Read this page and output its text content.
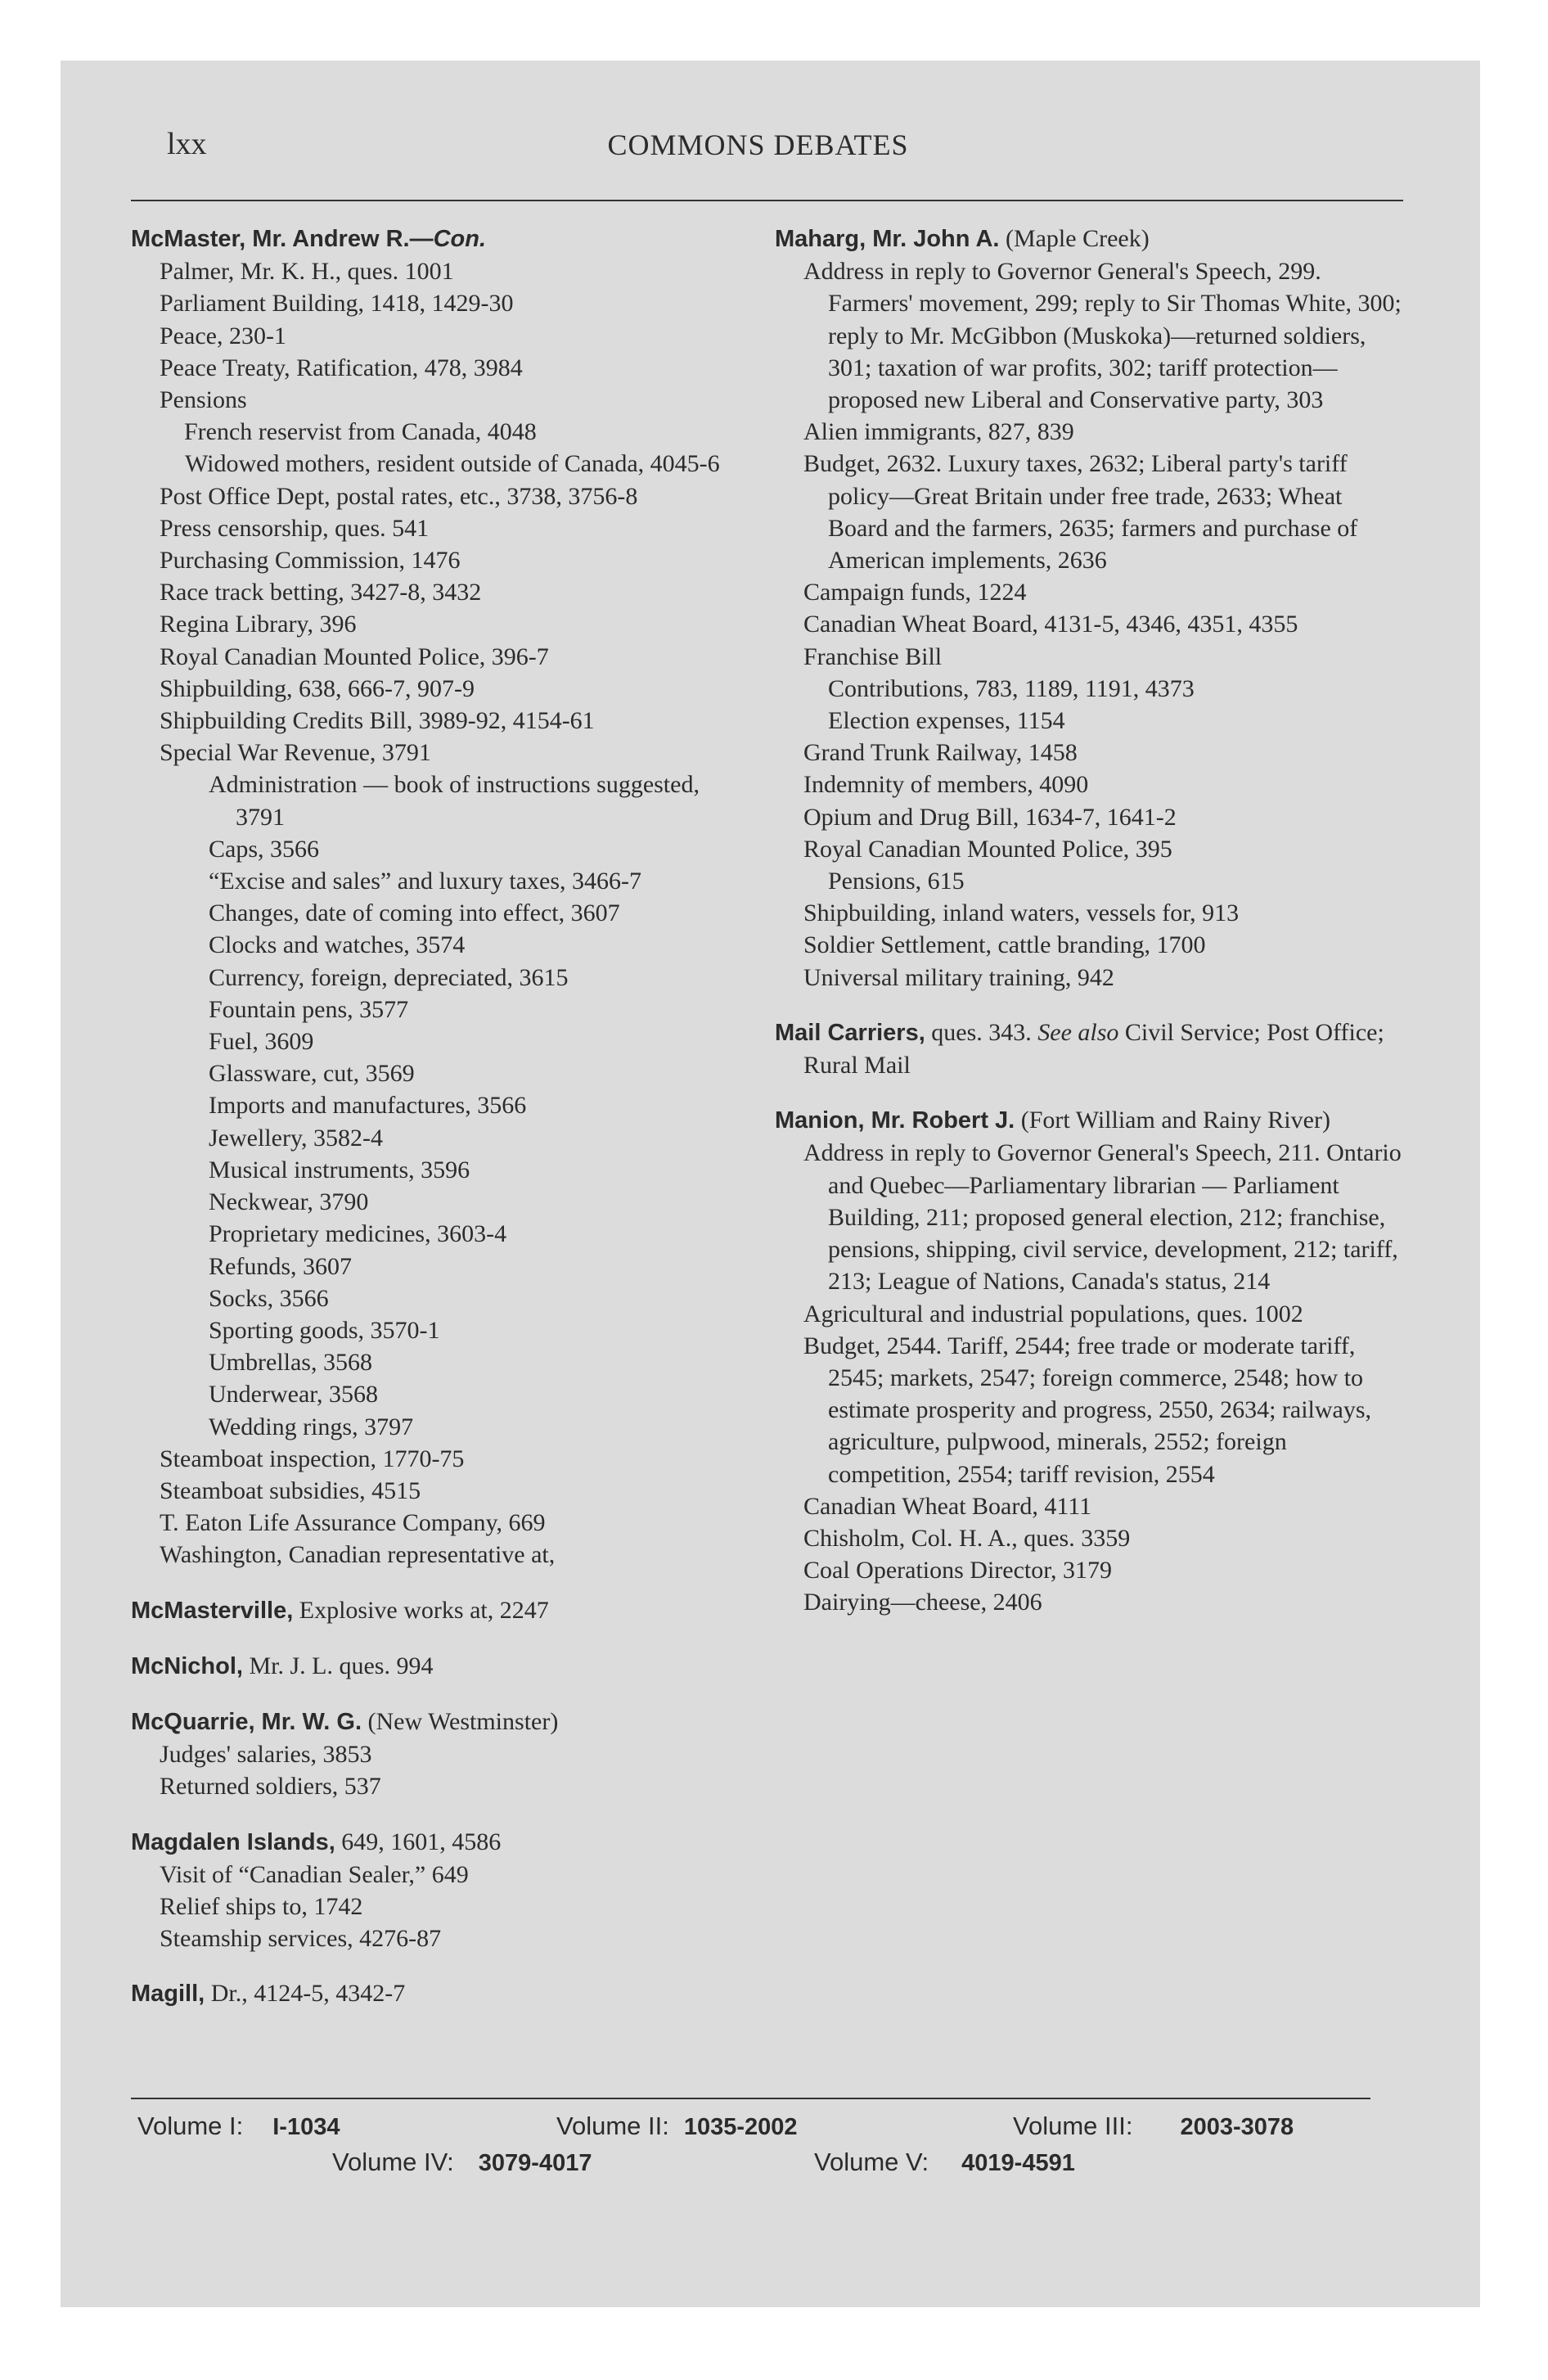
lxx	COMMONS DEBATES
McMaster, Mr. Andrew R.—Con.
Palmer, Mr. K. H., ques. 1001
Parliament Building, 1418, 1429-30
Peace, 230-1
Peace Treaty, Ratification, 478, 3984
Pensions
French reservist from Canada, 4048
Widowed mothers, resident outside of Canada, 4045-6
Post Office Dept, postal rates, etc., 3738, 3756-8
Press censorship, ques. 541
Purchasing Commission, 1476
Race track betting, 3427-8, 3432
Regina Library, 396
Royal Canadian Mounted Police, 396-7
Shipbuilding, 638, 666-7, 907-9
Shipbuilding Credits Bill, 3989-92, 4154-61
Special War Revenue, 3791
Administration — book of instructions suggested, 3791
Caps, 3566
“Excise and sales” and luxury taxes, 3466-7
Changes, date of coming into effect, 3607
Clocks and watches, 3574
Currency, foreign, depreciated, 3615
Fountain pens, 3577
Fuel, 3609
Glassware, cut, 3569
Imports and manufactures, 3566
Jewellery, 3582-4
Musical instruments, 3596
Neckwear, 3790
Proprietary medicines, 3603-4
Refunds, 3607
Socks, 3566
Sporting goods, 3570-1
Umbrellas, 3568
Underwear, 3568
Wedding rings, 3797
Steamboat inspection, 1770-75
Steamboat subsidies, 4515
T. Eaton Life Assurance Company, 669
Washington, Canadian representative at,
McMasterville, Explosive works at, 2247
McNichol, Mr. J. L. ques. 994
McQuarrie, Mr. W. G. (New Westminster)
Judges' salaries, 3853
Returned soldiers, 537
Magdalen Islands, 649, 1601, 4586
Visit of “Canadian Sealer,” 649
Relief ships to, 1742
Steamship services, 4276-87
Magill, Dr., 4124-5, 4342-7
Maharg, Mr. John A. (Maple Creek)
Address in reply to Governor General's Speech, 299. Farmers' movement, 299; reply to Sir Thomas White, 300; reply to Mr. McGibbon (Muskoka)—returned soldiers, 301; taxation of war profits, 302; tariff protection—proposed new Liberal and Conservative party, 303
Alien immigrants, 827, 839
Budget, 2632. Luxury taxes, 2632; Liberal party's tariff policy—Great Britain under free trade, 2633; Wheat Board and the farmers, 2635; farmers and purchase of American implements, 2636
Campaign funds, 1224
Canadian Wheat Board, 4131-5, 4346, 4351, 4355
Franchise Bill
Contributions, 783, 1189, 1191, 4373
Election expenses, 1154
Grand Trunk Railway, 1458
Indemnity of members, 4090
Opium and Drug Bill, 1634-7, 1641-2
Royal Canadian Mounted Police, 395
Pensions, 615
Shipbuilding, inland waters, vessels for, 913
Soldier Settlement, cattle branding, 1700
Universal military training, 942
Mail Carriers, ques. 343. See also Civil Service; Post Office; Rural Mail
Manion, Mr. Robert J. (Fort William and Rainy River)
Address in reply to Governor General's Speech, 211. Ontario and Quebec—Parliamentary librarian — Parliament Building, 211; proposed general election, 212; franchise, pensions, shipping, civil service, development, 212; tariff, 213; League of Nations, Canada's status, 214
Agricultural and industrial populations, ques. 1002
Budget, 2544. Tariff, 2544; free trade or moderate tariff, 2545; markets, 2547; foreign commerce, 2548; how to estimate prosperity and progress, 2550, 2634; railways, agriculture, pulpwood, minerals, 2552; foreign competition, 2554; tariff revision, 2554
Canadian Wheat Board, 4111
Chisholm, Col. H. A., ques. 3359
Coal Operations Director, 3179
Dairying—cheese, 2406
Volume I: I-1034	Volume II: 1035-2002	Volume III: 2003-3078
Volume IV: 3079-4017	Volume V: 4019-4591
